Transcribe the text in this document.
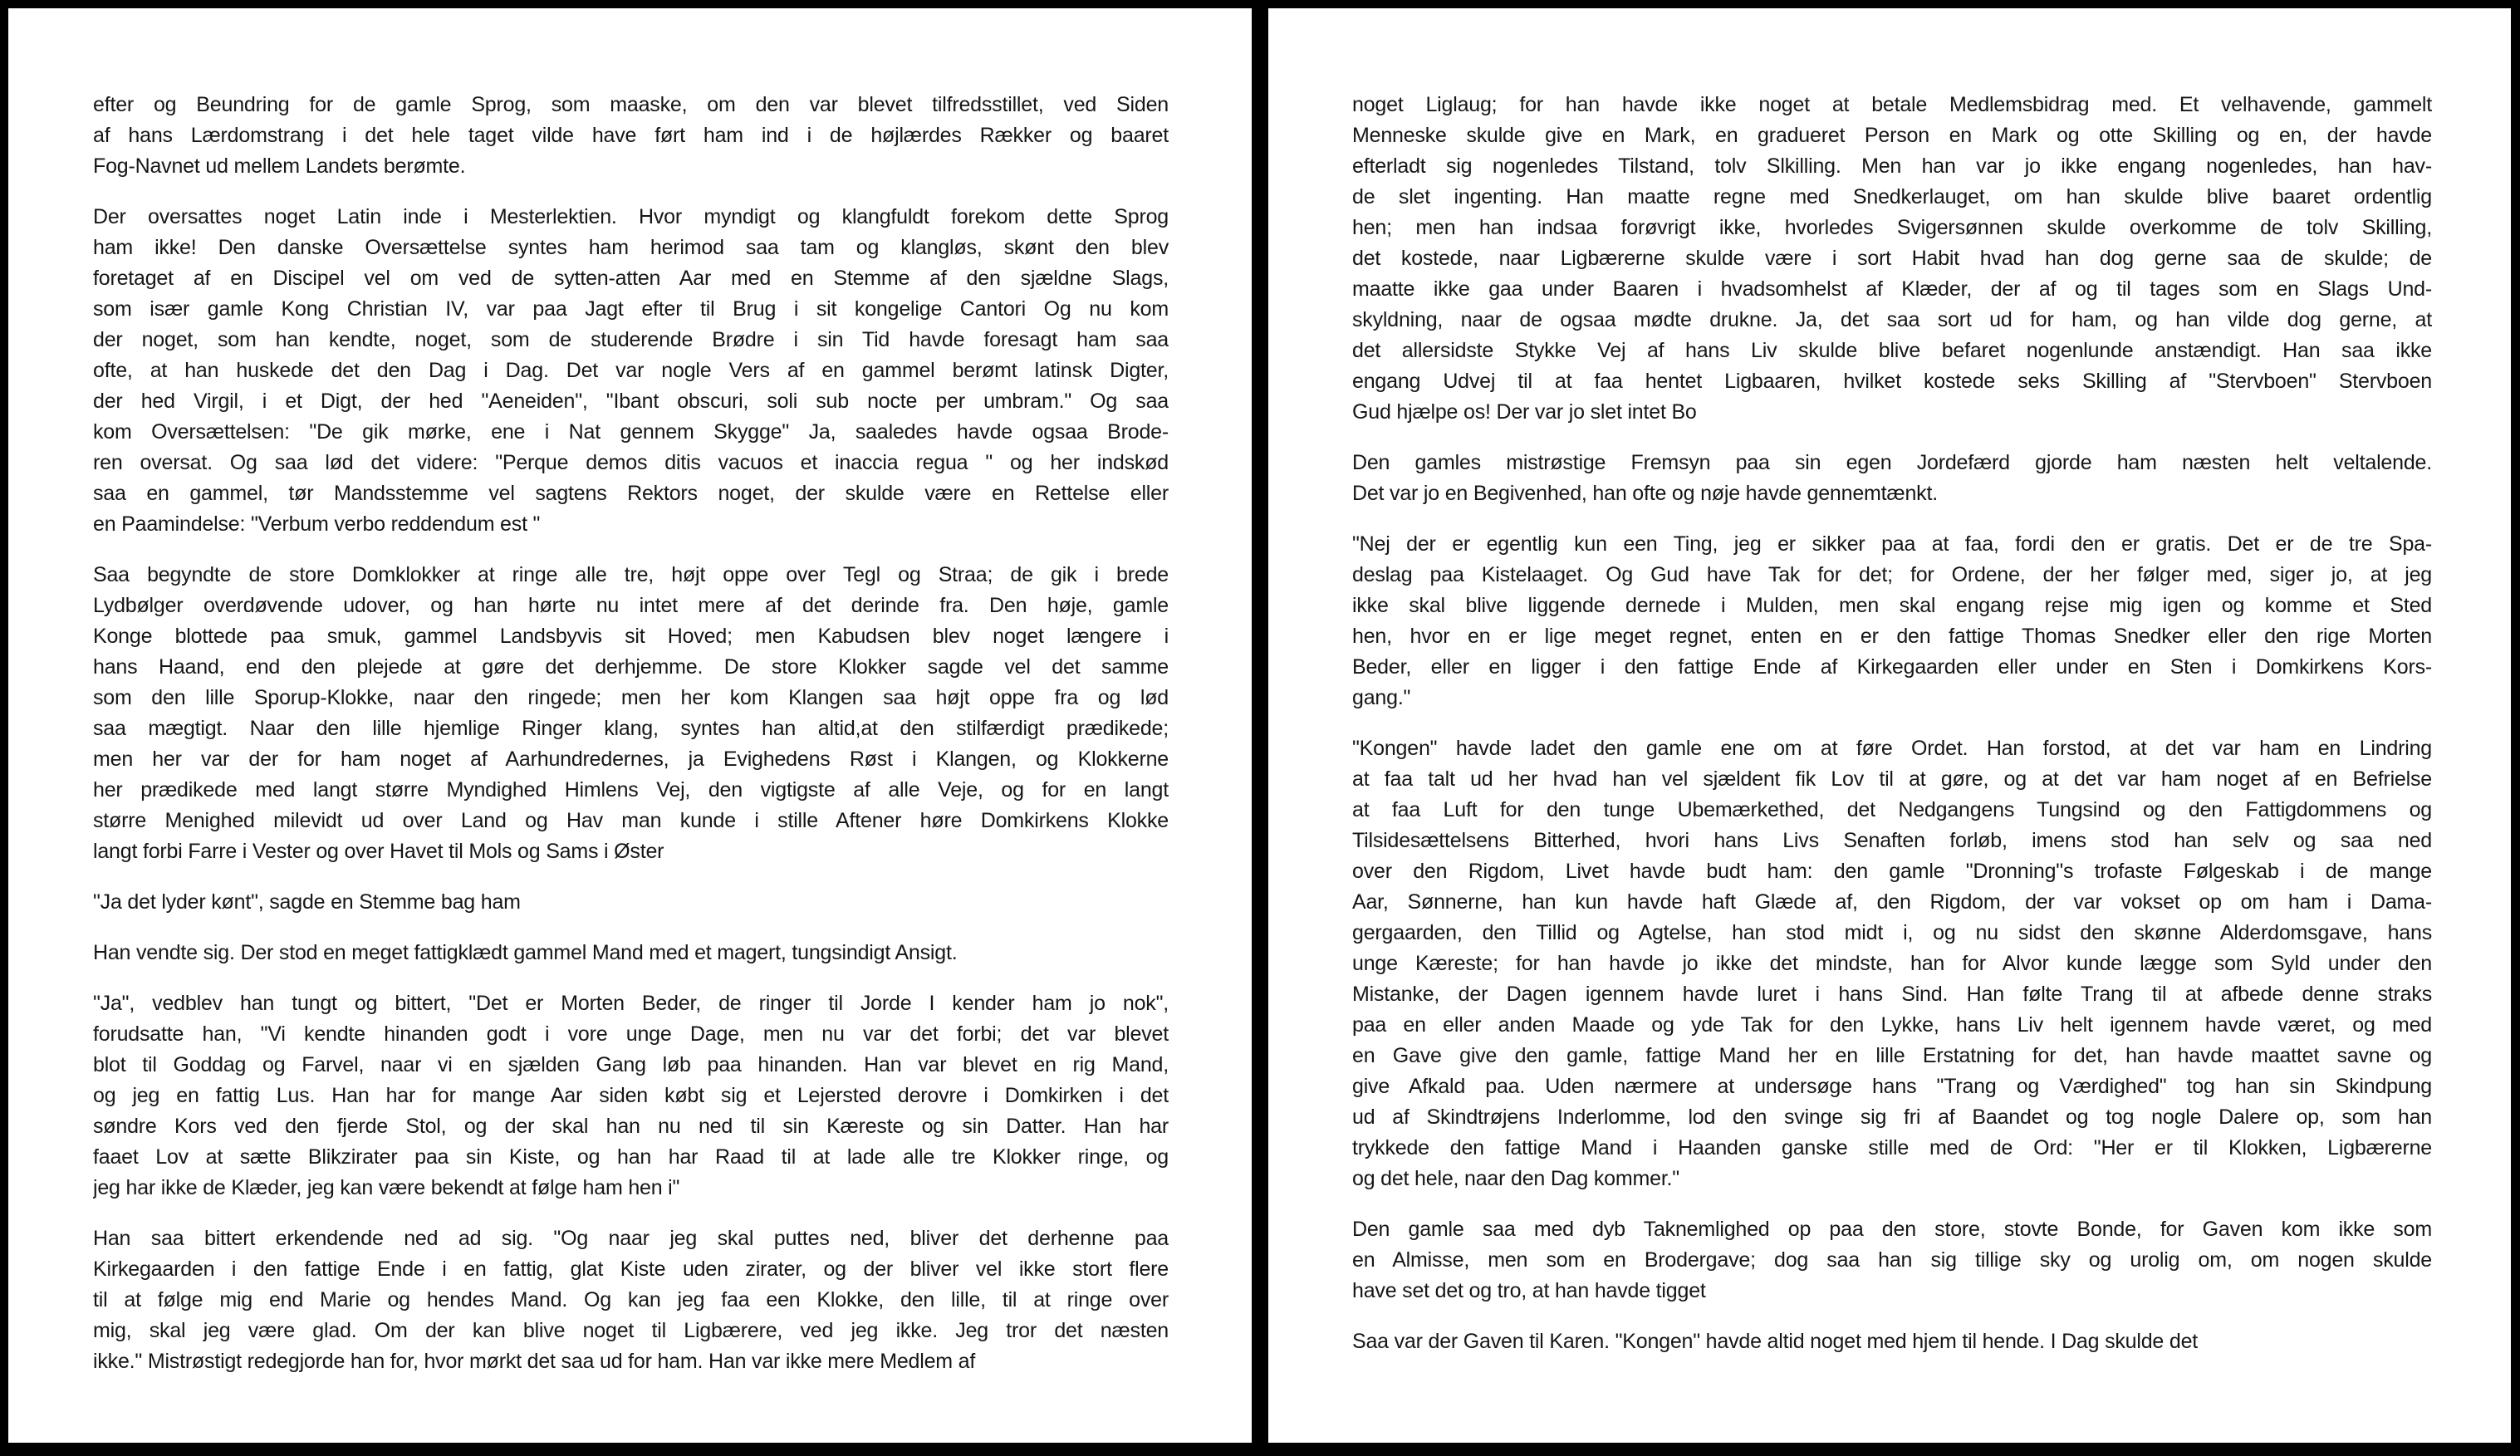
efter og Beundring for de gamle Sprog, som maaske, om den var blevet tilfredsstillet, ved Siden
af hans Lærdomstrang i det hele taget vilde have ført ham ind i de højlærdes Rækker og baaret
Fog-Navnet ud mellem Landets berømte.
Der oversattes noget Latin inde i Mesterlektien. Hvor myndigt og klangfuldt forekom dette Sprog
ham ikke! Den danske Oversættelse syntes ham herimod saa tam og klangløs, skønt den blev
foretaget af en Discipel vel om ved de sytten-atten Aar med en Stemme af den sjældne Slags,
som især gamle Kong Christian IV, var paa Jagt efter til Brug i sit kongelige Cantori Og nu kom
der noget, som han kendte, noget, som de studerende Brødre i sin Tid havde foresagt ham saa
ofte, at han huskede det den Dag i Dag. Det var nogle Vers af en gammel berømt latinsk Digter,
der hed Virgil, i et Digt, der hed "Aeneiden", "Ibant obscuri, soli sub nocte per umbram." Og saa
kom Oversættelsen: "De gik mørke, ene i Nat gennem Skygge" Ja, saaledes havde ogsaa Brode-
ren oversat. Og saa lød det videre: "Perque demos ditis vacuos et inaccia regua " og her indskød
saa en gammel, tør Mandsstemme vel sagtens Rektors noget, der skulde være en Rettelse eller
en Paamindelse: "Verbum verbo reddendum est "
Saa begyndte de store Domklokker at ringe alle tre, højt oppe over Tegl og Straa; de gik i brede
Lydbølger overdøvende udover, og han hørte nu intet mere af det derinde fra. Den høje, gamle
Konge blottede paa smuk, gammel Landsbyvis sit Hoved; men Kabudsen blev noget længere i
hans Haand, end den plejede at gøre det derhjemme. De store Klokker sagde vel det samme
som den lille Sporup-Klokke, naar den ringede; men her kom Klangen saa højt oppe fra og lød
saa mægtigt. Naar den lille hjemlige Ringer klang, syntes han altid,at den stilfærdigt prædikede;
men her var der for ham noget af Aarhundredernes, ja Evighedens Røst i Klangen, og Klokkerne
her prædikede med langt større Myndighed Himlens Vej, den vigtigste af alle Veje, og for en langt
større Menighed milevidt ud over Land og Hav man kunde i stille Aftener høre Domkirkens Klokke
langt forbi Farre i Vester og over Havet til Mols og Sams i Øster
"Ja det lyder kønt", sagde en Stemme bag ham
Han vendte sig. Der stod en meget fattigklædt gammel Mand med et magert, tungsindigt Ansigt.
"Ja", vedblev han tungt og bittert, "Det er Morten Beder, de ringer til Jorde I kender ham jo nok",
forudsatte han, "Vi kendte hinanden godt i vore unge Dage, men nu var det forbi; det var blevet
blot til Goddag og Farvel, naar vi en sjælden Gang løb paa hinanden. Han var blevet en rig Mand,
og jeg en fattig Lus. Han har for mange Aar siden købt sig et Lejersted derovre i Domkirken i det
søndre Kors ved den fjerde Stol, og der skal han nu ned til sin Kæreste og sin Datter. Han har
faaet Lov at sætte Blikzirater paa sin Kiste, og han har Raad til at lade alle tre Klokker ringe, og
jeg har ikke de Klæder, jeg kan være bekendt at følge ham hen i"
Han saa bittert erkendende ned ad sig. "Og naar jeg skal puttes ned, bliver det derhenne paa
Kirkegaarden i den fattige Ende i en fattig, glat Kiste uden zirater, og der bliver vel ikke stort flere
til at følge mig end Marie og hendes Mand. Og kan jeg faa een Klokke, den lille, til at ringe over
mig, skal jeg være glad. Om der kan blive noget til Ligbærere, ved jeg ikke. Jeg tror det næsten
ikke." Mistrøstigt redegjorde han for, hvor mørkt det saa ud for ham. Han var ikke mere Medlem af
noget Liglaug; for han havde ikke noget at betale Medlemsbidrag med. Et velhavende, gammelt
Menneske skulde give en Mark, en gradueret Person en Mark og otte Skilling og en, der havde
efterladt sig nogenledes Tilstand, tolv Slkilling. Men han var jo ikke engang nogenledes, han hav-
de slet ingenting. Han maatte regne med Snedkerlauget, om han skulde blive baaret ordentlig
hen; men han indsaa forøvrigt ikke, hvorledes Svigersønnen skulde overkomme de tolv Skilling,
det kostede, naar Ligbærerne skulde være i sort Habit hvad han dog gerne saa de skulde; de
maatte ikke gaa under Baaren i hvadsomhelst af Klæder, der af og til tages som en Slags Und-
skyldning, naar de ogsaa mødte drukne. Ja, det saa sort ud for ham, og han vilde dog gerne, at
det allersidste Stykke Vej af hans Liv skulde blive befaret nogenlunde anstændigt. Han saa ikke
engang Udvej til at faa hentet Ligbaaren, hvilket kostede seks Skilling af "Stervboen" Stervboen
Gud hjælpe os! Der var jo slet intet Bo
Den gamles mistrøstige Fremsyn paa sin egen Jordefærd gjorde ham næsten helt veltalende.
Det var jo en Begivenhed, han ofte og nøje havde gennemtænkt.
"Nej der er egentlig kun een Ting, jeg er sikker paa at faa, fordi den er gratis. Det er de tre Spa-
deslag paa Kistelaaget. Og Gud have Tak for det; for Ordene, der her følger med, siger jo, at jeg
ikke skal blive liggende dernede i Mulden, men skal engang rejse mig igen og komme et Sted
hen, hvor en er lige meget regnet, enten en er den fattige Thomas Snedker eller den rige Morten
Beder, eller en ligger i den fattige Ende af Kirkegaarden eller under en Sten i Domkirkens Kors-
gang."
"Kongen" havde ladet den gamle ene om at føre Ordet. Han forstod, at det var ham en Lindring
at faa talt ud her hvad han vel sjældent fik Lov til at gøre, og at det var ham noget af en Befrielse
at faa Luft for den tunge Ubemærkethed, det Nedgangens Tungsind og den Fattigdommens og
Tilsidesættelsens Bitterhed, hvori hans Livs Senaften forløb, imens stod han selv og saa ned
over den Rigdom, Livet havde budt ham: den gamle "Dronning"s trofaste Følgeskab i de mange
Aar, Sønnerne, han kun havde haft Glæde af, den Rigdom, der var vokset op om ham i Dama-
gergaarden, den Tillid og Agtelse, han stod midt i, og nu sidst den skønne Alderdomsgave, hans
unge Kæreste; for han havde jo ikke det mindste, han for Alvor kunde lægge som Syld under den
Mistanke, der Dagen igennem havde luret i hans Sind. Han følte Trang til at afbede denne straks
paa en eller anden Maade og yde Tak for den Lykke, hans Liv helt igennem havde været, og med
en Gave give den gamle, fattige Mand her en lille Erstatning for det, han havde maattet savne og
give Afkald paa. Uden nærmere at undersøge hans "Trang og Værdighed" tog han sin Skindpung
ud af Skindtrøjens Inderlomme, lod den svinge sig fri af Baandet og tog nogle Dalere op, som han
trykkede den fattige Mand i Haanden ganske stille med de Ord: "Her er til Klokken, Ligbærerne
og det hele, naar den Dag kommer."
Den gamle saa med dyb Taknemlighed op paa den store, stovte Bonde, for Gaven kom ikke som
en Almisse, men som en Brodergave; dog saa han sig tillige sky og urolig om, om nogen skulde
have set det og tro, at han havde tigget
Saa var der Gaven til Karen. "Kongen" havde altid noget med hjem til hende. I Dag skulde det
